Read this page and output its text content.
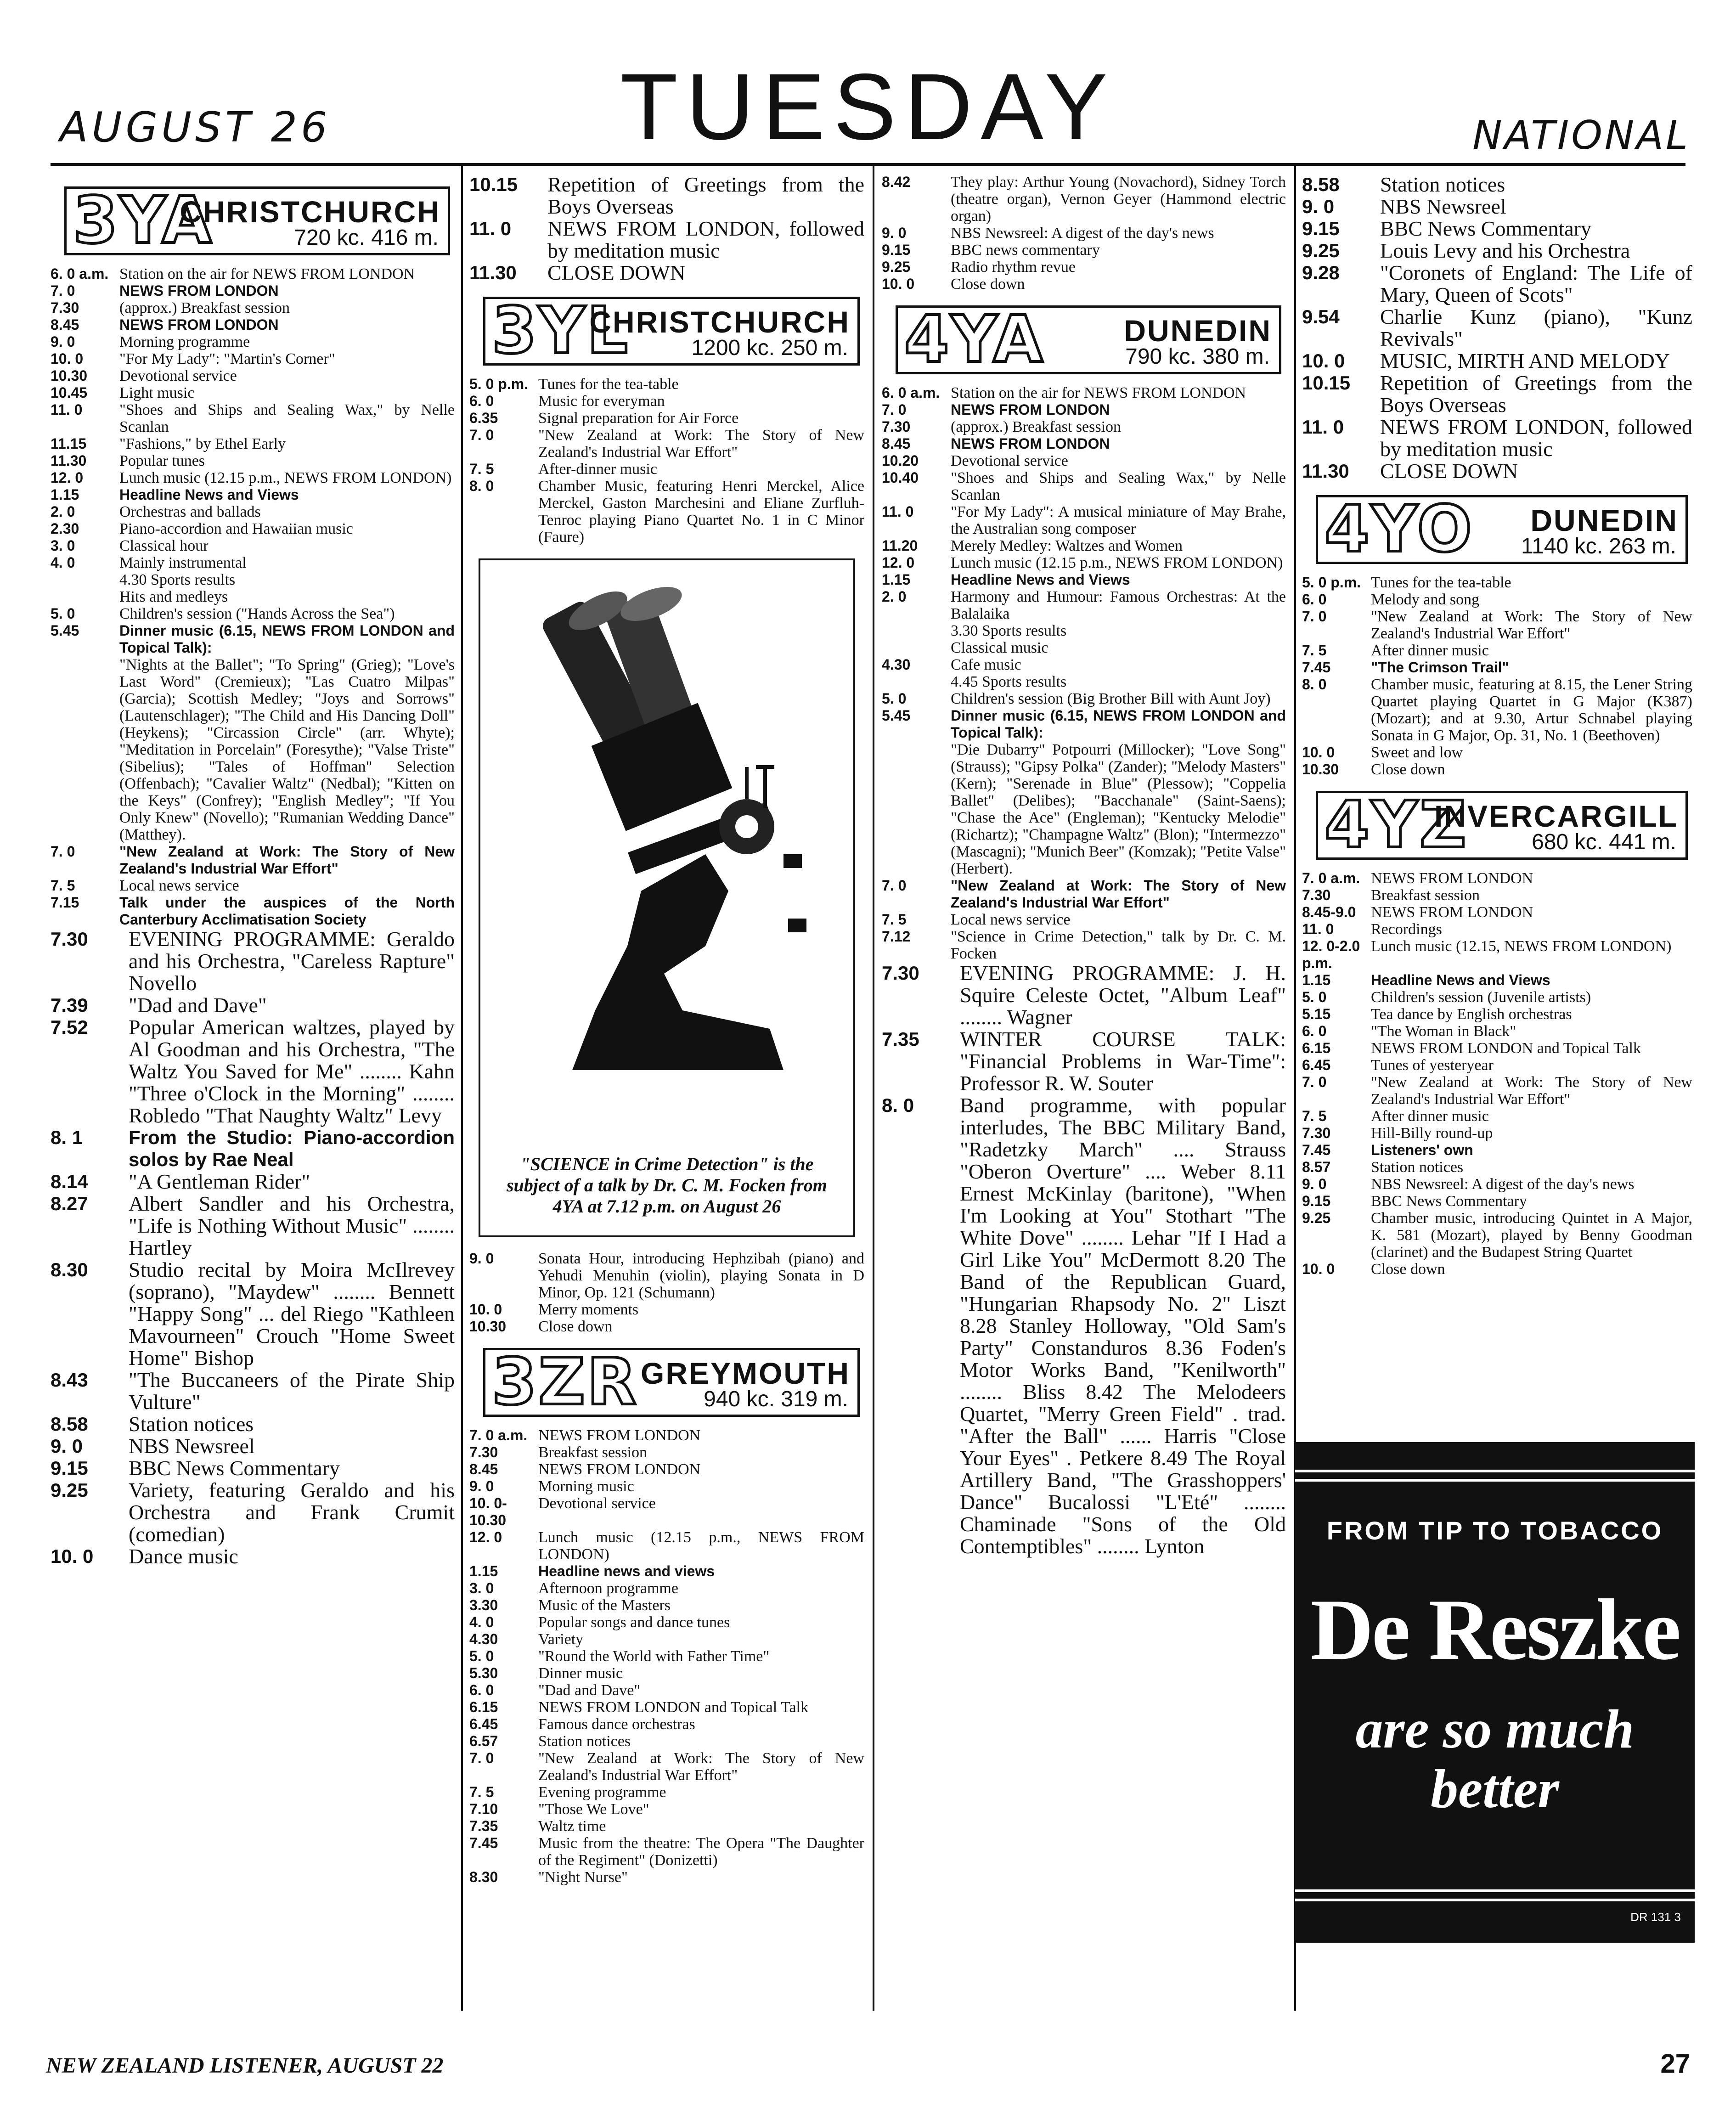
AUGUST 26	TUESDAY	NATIONAL
3YA
CHRISTCHURCH
720 kc. 416 m.
6. 0 a.m. Station on the air for NEWS FROM LONDON
7. 0	NEWS FROM LONDON
7.30	(approx.) Breakfast session
8.45	NEWS FROM LONDON
9. 0	Morning programme
10. 0	"For My Lady": "Martin's Corner"
10.30	Devotional service
10.45	Light music
11. 0	"Shoes and Ships and Sealing Wax," by Nelle Scanlan
11.15	"Fashions," by Ethel Early
11.30	Popular tunes
12. 0	Lunch music (12.15 p.m., NEWS FROM LONDON)
1.15	Headline News and Views
2. 0	Orchestras and ballads
2.30	Piano-accordion and Hawaiian music
3. 0	Classical hour
4. 0	Mainly instrumental
4.30 Sports results
Hits and medleys
5. 0	Children's session ("Hands Across the Sea")
5.45	Dinner music (6.15, NEWS FROM LONDON and Topical Talk):
"Nights at the Ballet"; "To Spring" (Grieg); "Love's Last Word" (Cremieux); "Las Cuatro Milpas" (Garcia); Scottish Medley; "Joys and Sorrows" (Lautenschlager); "The Child and His Dancing Doll" (Heykens); "Circassion Circle" (arr. Whyte); "Meditation in Porcelain" (Foresythe); "Valse Triste" (Sibelius); "Tales of Hoffman" Selection (Offenbach); "Cavalier Waltz" (Nedbal); "Kitten on the Keys" (Confrey); "English Medley"; "If You Only Knew" (Novello); "Rumanian Wedding Dance" (Matthey).
7. 0	"New Zealand at Work: The Story of New Zealand's Industrial War Effort"
7. 5	Local news service
7.15	Talk under the auspices of the North Canterbury Acclimatisation Society
7.30	EVENING PROGRAMME: Geraldo and his Orchestra, "Careless Rapture" Novello
7.39	"Dad and Dave"
7.52	Popular American waltzes, played by Al Goodman and his Orchestra, "The Waltz You Saved for Me" ........ Kahn "Three o'Clock in the Morning" ........ Robledo "That Naughty Waltz" Levy
8. 1	From the Studio: Piano-accordion solos by Rae Neal
8.14	"A Gentleman Rider"
8.27	Albert Sandler and his Orchestra, "Life is Nothing Without Music" ........ Hartley
8.30	Studio recital by Moira McIlrevey (soprano), "Maydew" ........ Bennett "Happy Song" ... del Riego "Kathleen Mavourneen" Crouch "Home Sweet Home" Bishop
8.43	"The Buccaneers of the Pirate Ship Vulture"
8.58	Station notices
9. 0	NBS Newsreel
9.15	BBC News Commentary
9.25	Variety, featuring Geraldo and his Orchestra and Frank Crumit (comedian)
10. 0	Dance music
10.15	Repetition of Greetings from the Boys Overseas
11. 0	NEWS FROM LONDON, followed by meditation music
11.30	CLOSE DOWN
3YL
CHRISTCHURCH
1200 kc. 250 m.
5. 0 p.m. Tunes for the tea-table
6. 0	Music for everyman
6.35	Signal preparation for Air Force
7. 0	"New Zealand at Work: The Story of New Zealand's Industrial War Effort"
7. 5	After-dinner music
8. 0	Chamber Music, featuring Henri Merckel, Alice Merckel, Gaston Marchesini and Eliane Zurfluh-Tenroc playing Piano Quartet No. 1 in C Minor (Faure)
"SCIENCE in Crime Detection" is the subject of a talk by Dr. C. M. Focken from 4YA at 7.12 p.m. on August 26
9. 0	Sonata Hour, introducing Hephzibah (piano) and Yehudi Menuhin (violin), playing Sonata in D Minor, Op. 121 (Schumann)
10. 0	Merry moments
10.30	Close down
3ZR GREYMOUTH
940 kc. 319 m.
7. 0 a.m. NEWS FROM LONDON
7.30	Breakfast session
8.45	NEWS FROM LONDON
9. 0	Morning music
10. 0-10.30
Devotional service
12. 0	Lunch music (12.15 p.m., NEWS FROM LONDON)
1.15	Headline news and views
3. 0	Afternoon programme
3.30	Music of the Masters
4. 0	Popular songs and dance tunes
4.30	Variety
5. 0	"Round the World with Father Time"
5.30	Dinner music
6. 0	"Dad and Dave"
6.15	NEWS FROM LONDON and Topical Talk
6.45	Famous dance orchestras
6.57	Station notices
7. 0	"New Zealand at Work: The Story of New Zealand's Industrial War Effort"
7. 5	Evening programme
7.10	"Those We Love"
7.35	Waltz time
7.45	Music from the theatre: The Opera "The Daughter of the Regiment" (Donizetti)
8.30	"Night Nurse"
8.42	They play: Arthur Young (Novachord), Sidney Torch (theatre organ), Vernon Geyer (Hammond electric organ)
9. 0	NBS Newsreel: A digest of the day's news
9.15	BBC news commentary
9.25	Radio rhythm revue
10. 0	Close down
4YA	DUNEDIN
790 kc. 380 m.
6. 0 a.m. Station on the air for NEWS FROM LONDON
7. 0	NEWS FROM LONDON
7.30	(approx.) Breakfast session
8.45	NEWS FROM LONDON
10.20	Devotional service
10.40	"Shoes and Ships and Sealing Wax," by Nelle Scanlan
11. 0	"For My Lady": A musical miniature of May Brahe, the Australian song composer
11.20	Merely Medley: Waltzes and Women
12. 0	Lunch music (12.15 p.m., NEWS FROM LONDON)
1.15	Headline News and Views
2. 0	Harmony and Humour: Famous Orchestras: At the Balalaika
3.30 Sports results
Classical music
4.30	Cafe music
4.45 Sports results
5. 0	Children's session (Big Brother Bill with Aunt Joy)
5.45	Dinner music (6.15, NEWS FROM LONDON and Topical Talk):
"Die Dubarry" Potpourri (Millocker); "Love Song" (Strauss); "Gipsy Polka" (Zander); "Melody Masters" (Kern); "Serenade in Blue" (Plessow); "Coppelia Ballet" (Delibes); "Bacchanale" (Saint-Saens); "Chase the Ace" (Engleman); "Kentucky Melodie" (Richartz); "Champagne Waltz" (Blon); "Intermezzo" (Mascagni); "Munich Beer" (Komzak); "Petite Valse" (Herbert).
7. 0	"New Zealand at Work: The Story of New Zealand's Industrial War Effort"
7. 5	Local news service
7.12	"Science in Crime Detection," talk by Dr. C. M. Focken
7.30	EVENING PROGRAMME: J. H. Squire Celeste Octet, "Album Leaf" ........ Wagner
7.35	WINTER COURSE TALK: "Financial Problems in War-Time": Professor R. W. Souter
8. 0	Band programme, with popular interludes, The BBC Military Band, "Radetzky March" .... Strauss "Oberon Overture" .... Weber 8.11 Ernest McKinlay (baritone), "When I'm Looking at You" Stothart "The White Dove" ........ Lehar "If I Had a Girl Like You" McDermott 8.20 The Band of the Republican Guard, "Hungarian Rhapsody No. 2" Liszt 8.28 Stanley Holloway, "Old Sam's Party" Constanduros 8.36 Foden's Motor Works Band, "Kenilworth" ........ Bliss 8.42 The Melodeers Quartet, "Merry Green Field" . trad. "After the Ball" ...... Harris "Close Your Eyes" . Petkere 8.49 The Royal Artillery Band, "The Grasshoppers' Dance" Bucalossi "L'Eté" ........ Chaminade "Sons of the Old Contemptibles" ........ Lynton
8.58	Station notices
9. 0	NBS Newsreel
9.15	BBC News Commentary
9.25	Louis Levy and his Orchestra
9.28	"Coronets of England: The Life of Mary, Queen of Scots"
9.54	Charlie Kunz (piano), "Kunz Revivals"
10. 0	MUSIC, MIRTH AND MELODY
10.15	Repetition of Greetings from the Boys Overseas
11. 0	NEWS FROM LONDON, followed by meditation music
11.30	CLOSE DOWN
4YO DUNEDIN
1140 kc. 263 m.
5. 0 p.m. Tunes for the tea-table
6. 0	Melody and song
7. 0	"New Zealand at Work: The Story of New Zealand's Industrial War Effort"
7. 5	After dinner music
7.45	"The Crimson Trail"
8. 0	Chamber music, featuring at 8.15, the Lener String Quartet playing Quartet in G Major (K387) (Mozart); and at 9.30, Artur Schnabel playing Sonata in G Major, Op. 31, No. 1 (Beethoven)
10. 0	Sweet and low
10.30	Close down
4YZ
INVERCARGILL
680 kc. 441 m.
7. 0 a.m. NEWS FROM LONDON
7.30	Breakfast session
8.45-9.0 NEWS FROM LONDON
11. 0	Recordings
12. 0-2.0 p.m.
Lunch music (12.15, NEWS FROM LONDON)
1.15	Headline News and Views
5. 0	Children's session (Juvenile artists)
5.15	Tea dance by English orchestras
6. 0	"The Woman in Black"
6.15	NEWS FROM LONDON and Topical Talk
6.45	Tunes of yesteryear
7. 0	"New Zealand at Work: The Story of New Zealand's Industrial War Effort"
7. 5	After dinner music
7.30	Hill-Billy round-up
7.45	Listeners' own
8.57	Station notices
9. 0	NBS Newsreel: A digest of the day's news
9.15	BBC News Commentary
9.25	Chamber music, introducing Quintet in A Major, K. 581 (Mozart), played by Benny Goodman (clarinet) and the Budapest String Quartet
10. 0	Close down
FROM TIP TO TOBACCO
De Reszke
are so much better
DR 131 3
NEW ZEALAND LISTENER, AUGUST 22	27
